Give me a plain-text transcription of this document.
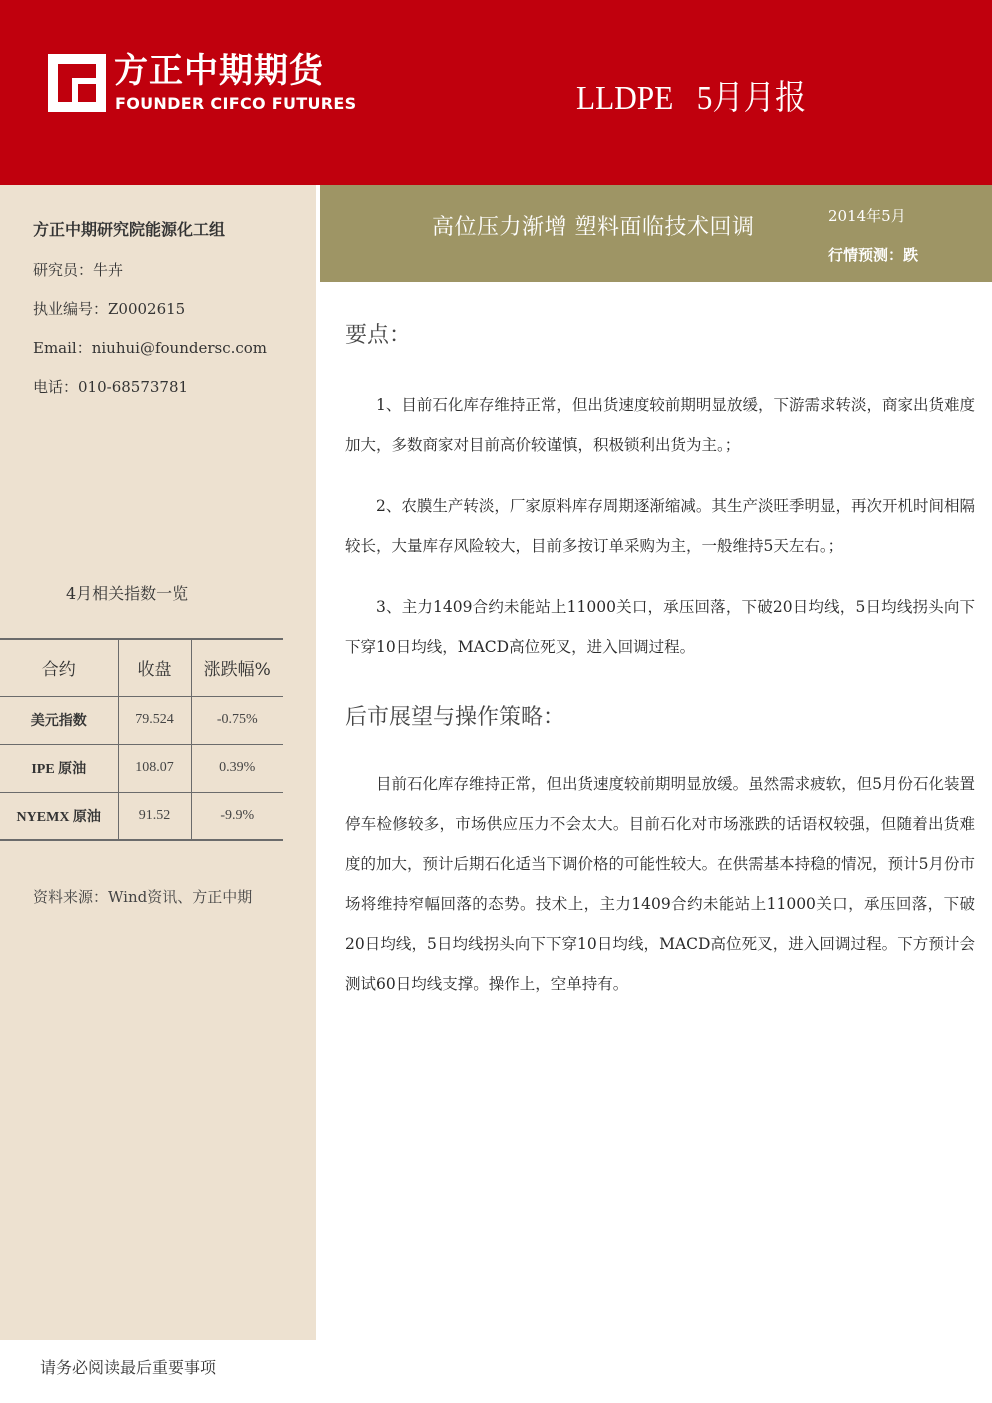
方正中期期货
FOUNDER CIFCO FUTURES	LLDPE   5月月报
方正中期研究院能源化工组
研究员：牛卉
执业编号：Z0002615
Email：niuhui@foundersc.com
电话：010-68573781
4月相关指数一览
合约	收盘	涨跌幅%
美元指数	79.524	-0.75%
IPE 原油	108.07	0.39%
NYEMX 原油	91.52	-9.9%
资料来源：Wind资讯、方正中期
高位压力渐增 塑料面临技术回调	2014年5月
行情预测：跌
要点：
1、目前石化库存维持正常，但出货速度较前期明显放缓，下游需求转淡，商家出货难度加大，多数商家对目前高价较谨慎，积极锁利出货为主。；
2、农膜生产转淡，厂家原料库存周期逐渐缩减。其生产淡旺季明显，再次开机时间相隔较长，大量库存风险较大，目前多按订单采购为主，一般维持5天左右。；
3、主力1409合约未能站上11000关口，承压回落，下破20日均线，5日均线拐头向下下穿10日均线，MACD高位死叉，进入回调过程。
后市展望与操作策略：
目前石化库存维持正常，但出货速度较前期明显放缓。虽然需求疲软，但5月份石化装置停车检修较多，市场供应压力不会太大。目前石化对市场涨跌的话语权较强，但随着出货难度的加大，预计后期石化适当下调价格的可能性较大。在供需基本持稳的情况，预计5月份市场将维持窄幅回落的态势。技术上，主力1409合约未能站上11000关口，承压回落，下破20日均线，5日均线拐头向下下穿10日均线，MACD高位死叉，进入回调过程。下方预计会测试60日均线支撑。操作上，空单持有。
请务必阅读最后重要事项
